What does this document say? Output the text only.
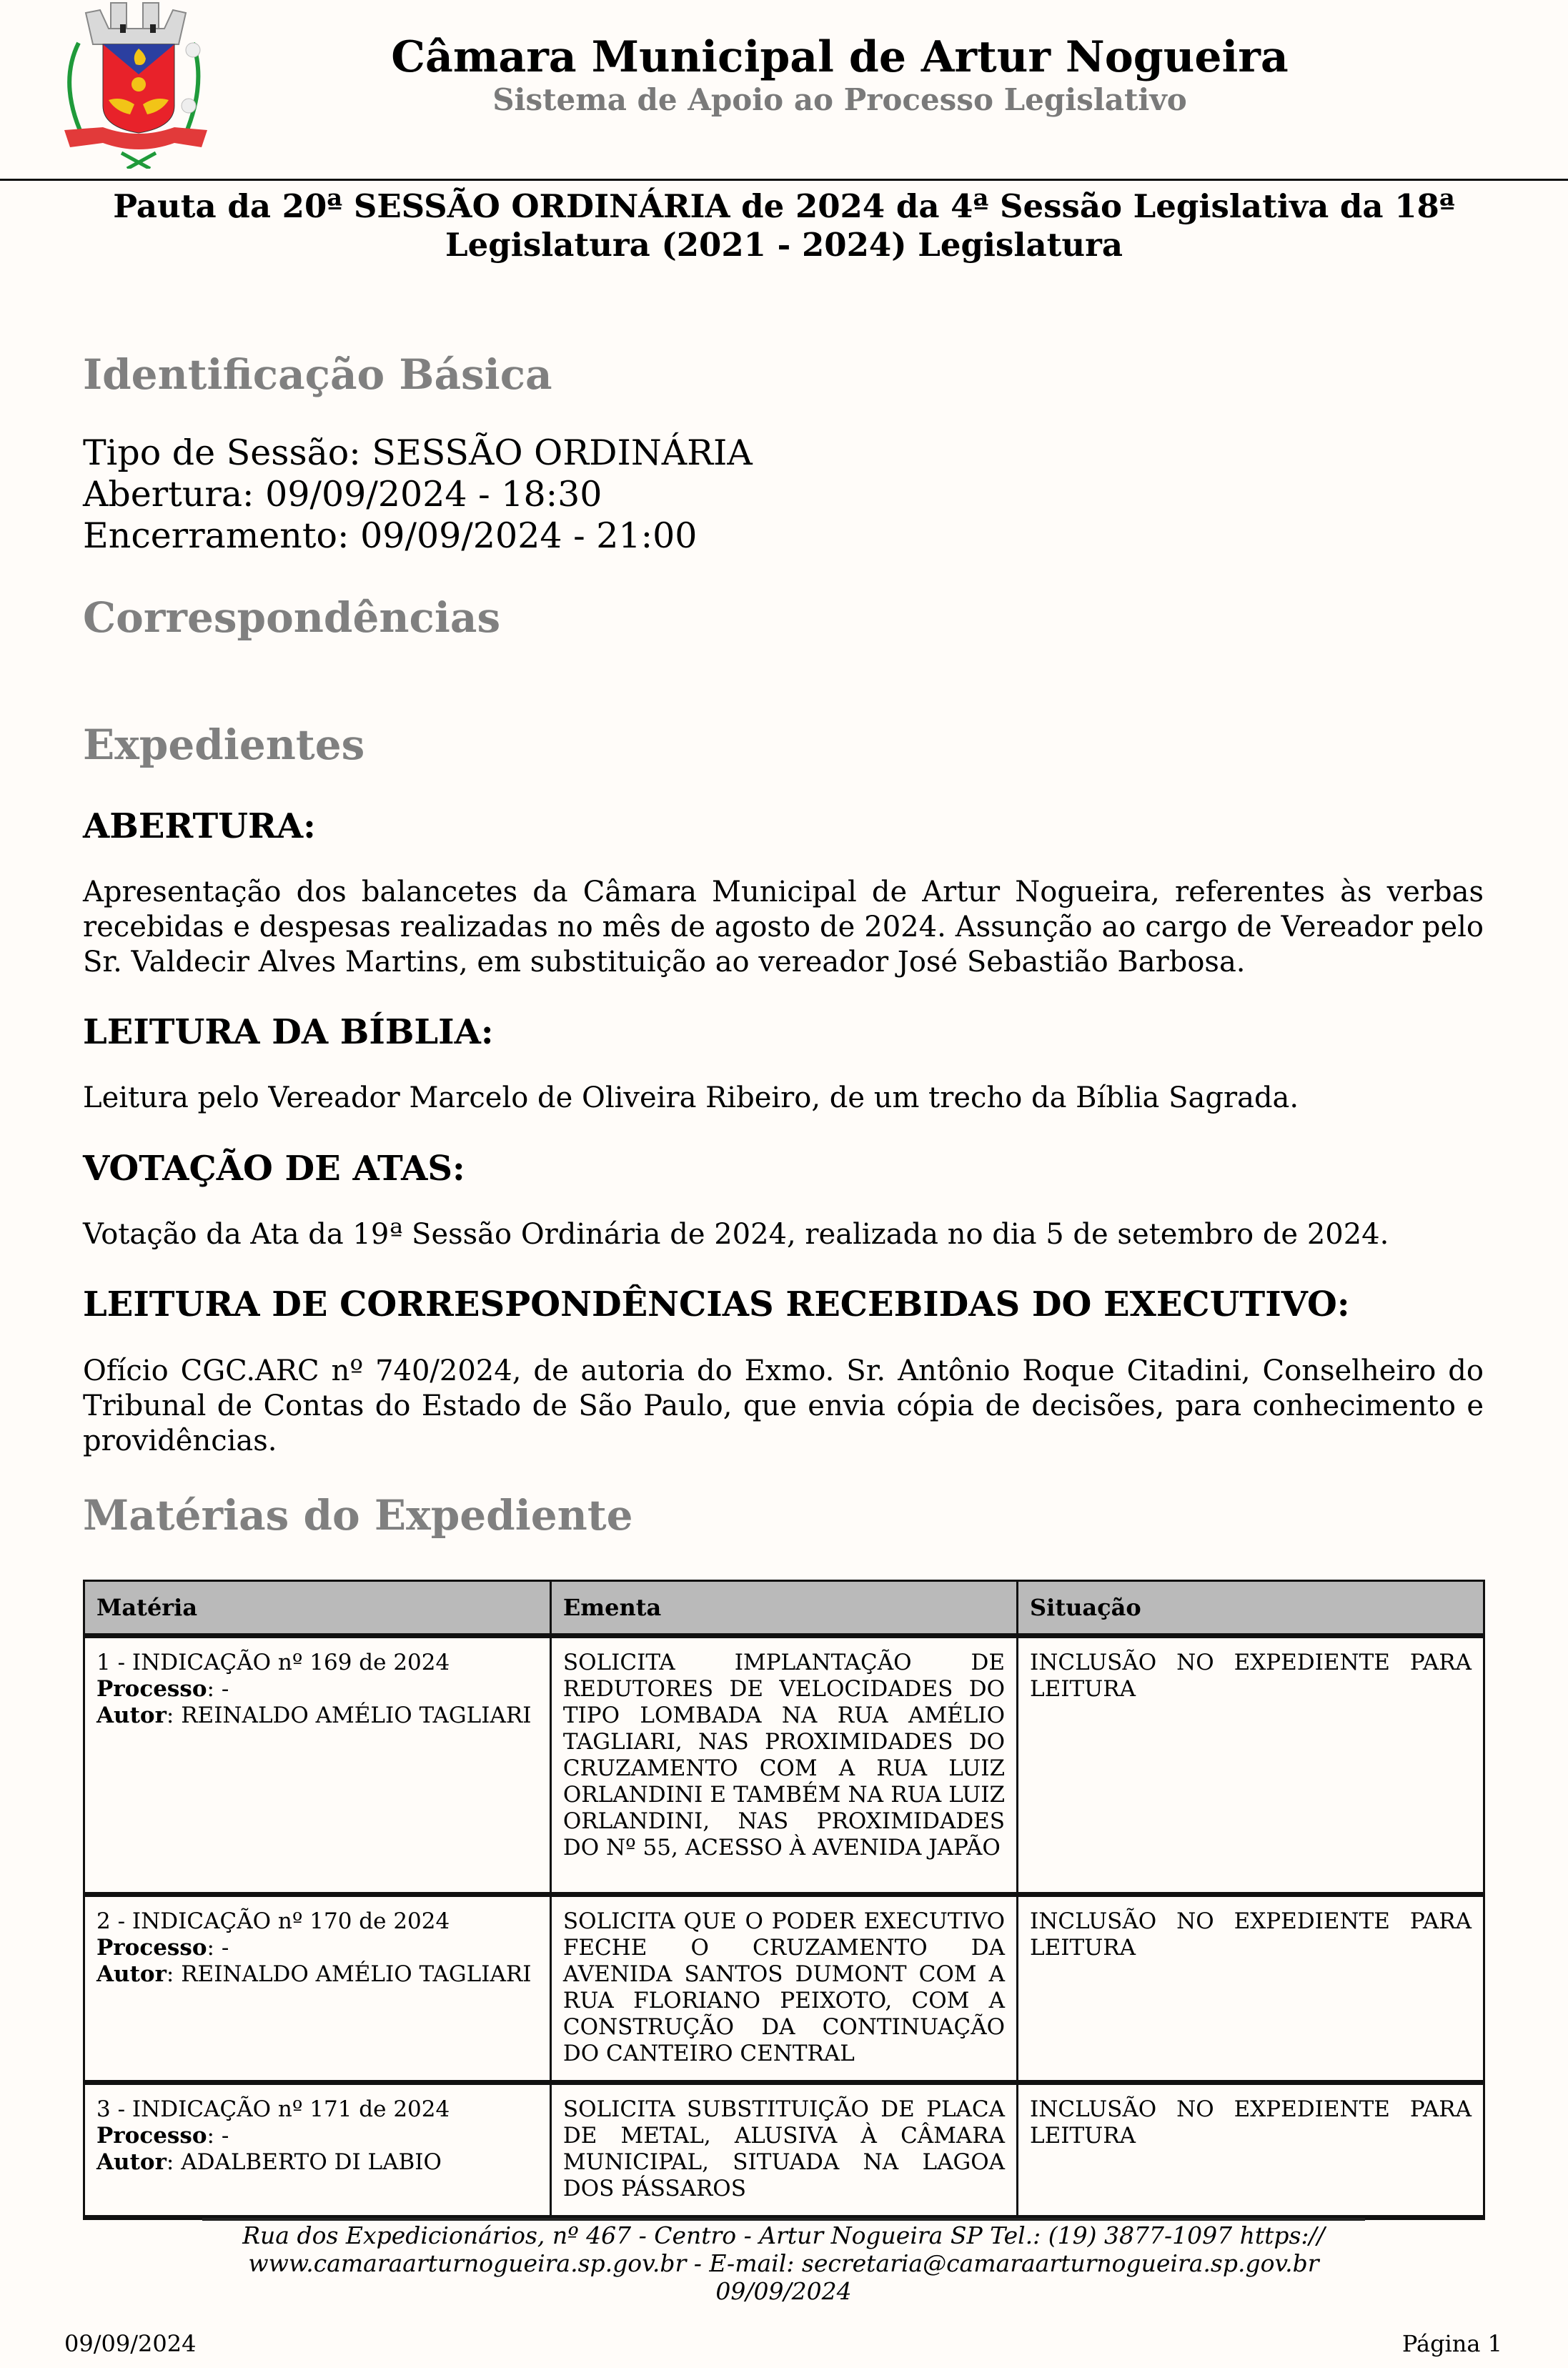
Câmara Municipal de Artur Nogueira
Sistema de Apoio ao Processo Legislativo
Pauta da 20ª SESSÃO ORDINÁRIA de 2024 da 4ª Sessão Legislativa da 18ª Legislatura (2021 - 2024) Legislatura
Identificação Básica
Tipo de Sessão: SESSÃO ORDINÁRIA
Abertura: 09/09/2024 - 18:30
Encerramento: 09/09/2024 - 21:00
Correspondências
Expedientes
ABERTURA:
Apresentação dos balancetes da Câmara Municipal de Artur Nogueira, referentes às verbas recebidas e despesas realizadas no mês de agosto de 2024. Assunção ao cargo de Vereador pelo Sr. Valdecir Alves Martins, em substituição ao vereador José Sebastião Barbosa.
LEITURA DA BÍBLIA:
Leitura pelo Vereador Marcelo de Oliveira Ribeiro, de um trecho da Bíblia Sagrada.
VOTAÇÃO DE ATAS:
Votação da Ata da 19ª Sessão Ordinária de 2024, realizada no dia 5 de setembro de 2024.
LEITURA DE CORRESPONDÊNCIAS RECEBIDAS DO EXECUTIVO:
Ofício CGC.ARC nº 740/2024, de autoria do Exmo. Sr. Antônio Roque Citadini, Conselheiro do Tribunal de Contas do Estado de São Paulo, que envia cópia de decisões, para conhecimento e providências.
Matérias do Expediente
Matéria	Ementa	Situação

1 - INDICAÇÃO nº 169 de 2024
Processo: -
Autor: REINALDO AMÉLIO TAGLIARI
	SOLICITA IMPLANTAÇÃO DE REDUTORES DE VELOCIDADES DO TIPO LOMBADA NA RUA AMÉLIO TAGLIARI, NAS PROXIMIDADES DO CRUZAMENTO COM A RUA LUIZ ORLANDINI E TAMBÉM NA RUA LUIZ ORLANDINI, NAS PROXIMIDADES DO Nº 55, ACESSO À AVENIDA JAPÃO	INCLUSÃO NO EXPEDIENTE PARA LEITURA

2 - INDICAÇÃO nº 170 de 2024
Processo: -
Autor: REINALDO AMÉLIO TAGLIARI	SOLICITA QUE O PODER EXECUTIVO FECHE O CRUZAMENTO DA AVENIDA SANTOS DUMONT COM A RUA FLORIANO PEIXOTO, COM A CONSTRUÇÃO DA CONTINUAÇÃO DO CANTEIRO CENTRAL	INCLUSÃO NO EXPEDIENTE PARA LEITURA

3 - INDICAÇÃO nº 171 de 2024
Processo: -
Autor: ADALBERTO DI LABIO	SOLICITA SUBSTITUIÇÃO DE PLACA DE METAL, ALUSIVA À CÂMARA MUNICIPAL, SITUADA NA LAGOA DOS PÁSSAROS	INCLUSÃO NO EXPEDIENTE PARA LEITURA
Rua dos Expedicionários, nº 467 - Centro - Artur Nogueira SP Tel.: (19) 3877-1097 https:// www.camaraarturnogueira.sp.gov.br - E-mail: secretaria@camaraarturnogueira.sp.gov.br
09/09/2024
09/09/2024	Página 1
